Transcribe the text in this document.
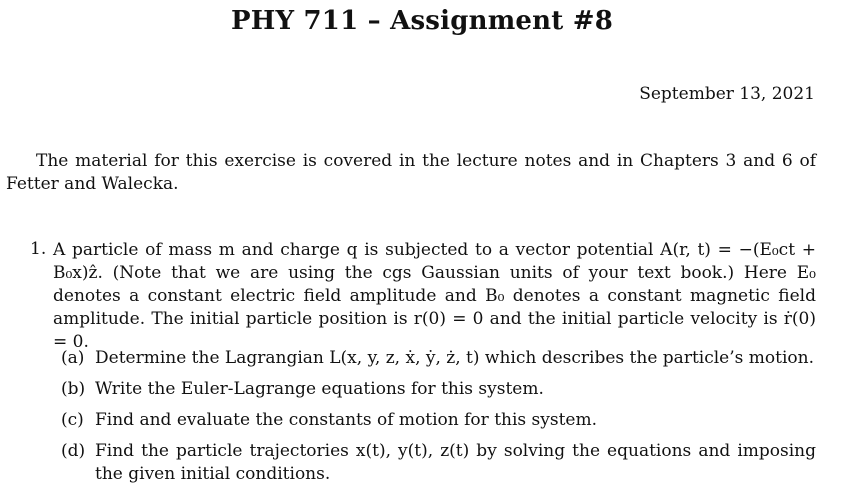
PHY 711 – Assignment #8
September 13, 2021
The material for this exercise is covered in the lecture notes and in Chapters 3 and 6 of Fetter and Walecka.
1. A particle of mass m and charge q is subjected to a vector potential A(r, t) = −(E₀ct + B₀x)ẑ. (Note that we are using the cgs Gaussian units of your text book.) Here E₀ denotes a constant electric field amplitude and B₀ denotes a constant magnetic field amplitude. The initial particle position is r(0) = 0 and the initial particle velocity is ṙ(0) = 0.
(a) Determine the Lagrangian L(x, y, z, ẋ, ẏ, ż, t) which describes the particle’s motion.
(b) Write the Euler-Lagrange equations for this system.
(c) Find and evaluate the constants of motion for this system.
(d) Find the particle trajectories x(t), y(t), z(t) by solving the equations and imposing the given initial conditions.
